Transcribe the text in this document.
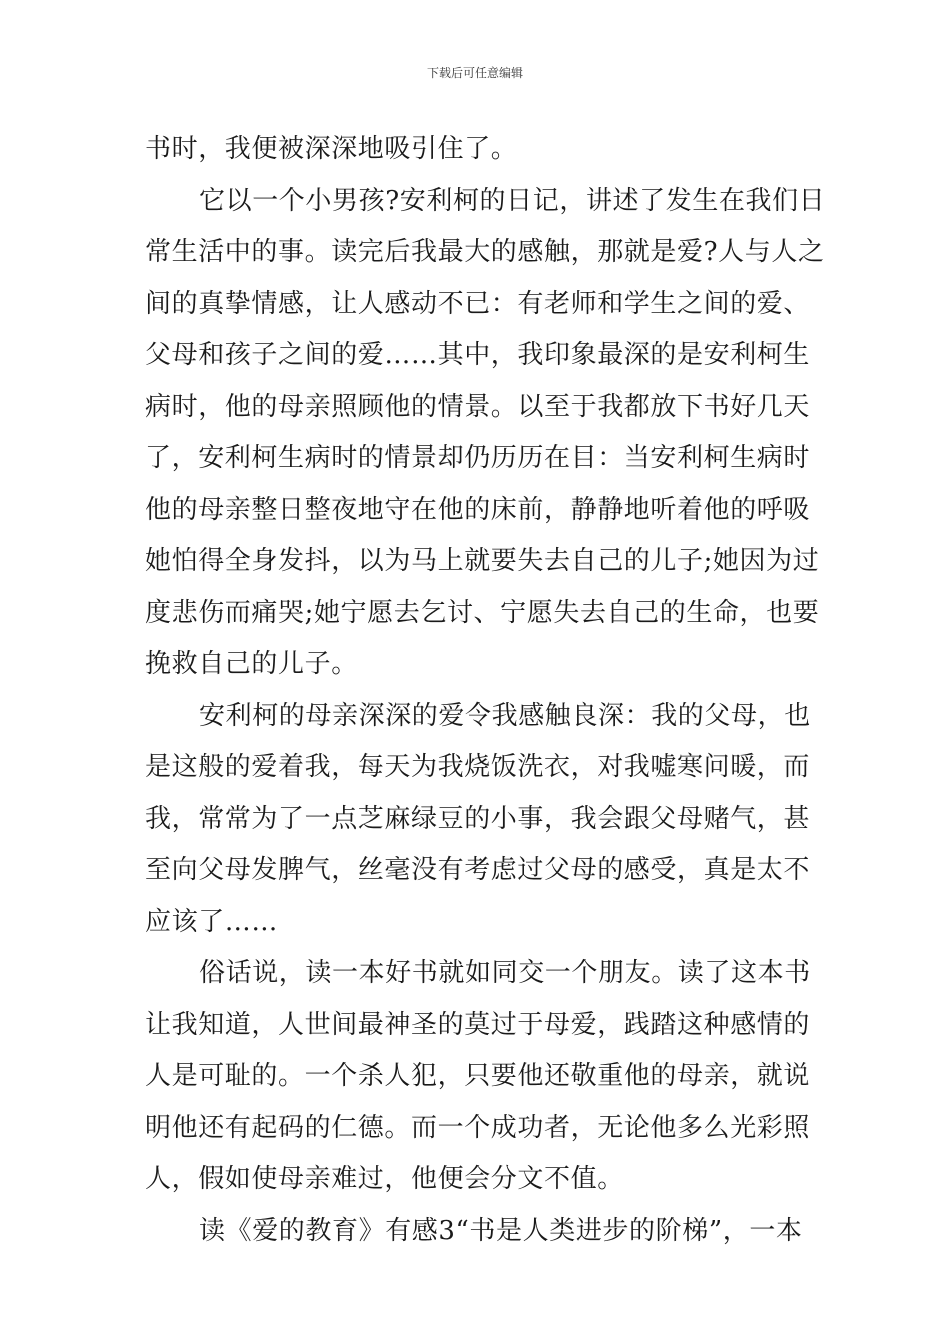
下载后可任意编辑
书时，我便被深深地吸引住了。
它以一个小男孩?安利柯的日记，讲述了发生在我们日
常生活中的事。读完后我最大的感触，那就是爱?人与人之
间的真挚情感，让人感动不已：有老师和学生之间的爱、
父母和孩子之间的爱……其中，我印象最深的是安利柯生
病时，他的母亲照顾他的情景。以至于我都放下书好几天
了，安利柯生病时的情景却仍历历在目：当安利柯生病时
他的母亲整日整夜地守在他的床前，静静地听着他的呼吸
她怕得全身发抖，以为马上就要失去自己的儿子;她因为过
度悲伤而痛哭;她宁愿去乞讨、宁愿失去自己的生命，也要
挽救自己的儿子。
安利柯的母亲深深的爱令我感触良深：我的父母，也
是这般的爱着我，每天为我烧饭洗衣，对我嘘寒问暖，而
我，常常为了一点芝麻绿豆的小事，我会跟父母赌气，甚
至向父母发脾气，丝毫没有考虑过父母的感受，真是太不
应该了……
俗话说，读一本好书就如同交一个朋友。读了这本书
让我知道，人世间最神圣的莫过于母爱，践踏这种感情的
人是可耻的。一个杀人犯，只要他还敬重他的母亲，就说
明他还有起码的仁德。而一个成功者，无论他多么光彩照
人，假如使母亲难过，他便会分文不值。
读《爱的教育》有感3“书是人类进步的阶梯”，一本
